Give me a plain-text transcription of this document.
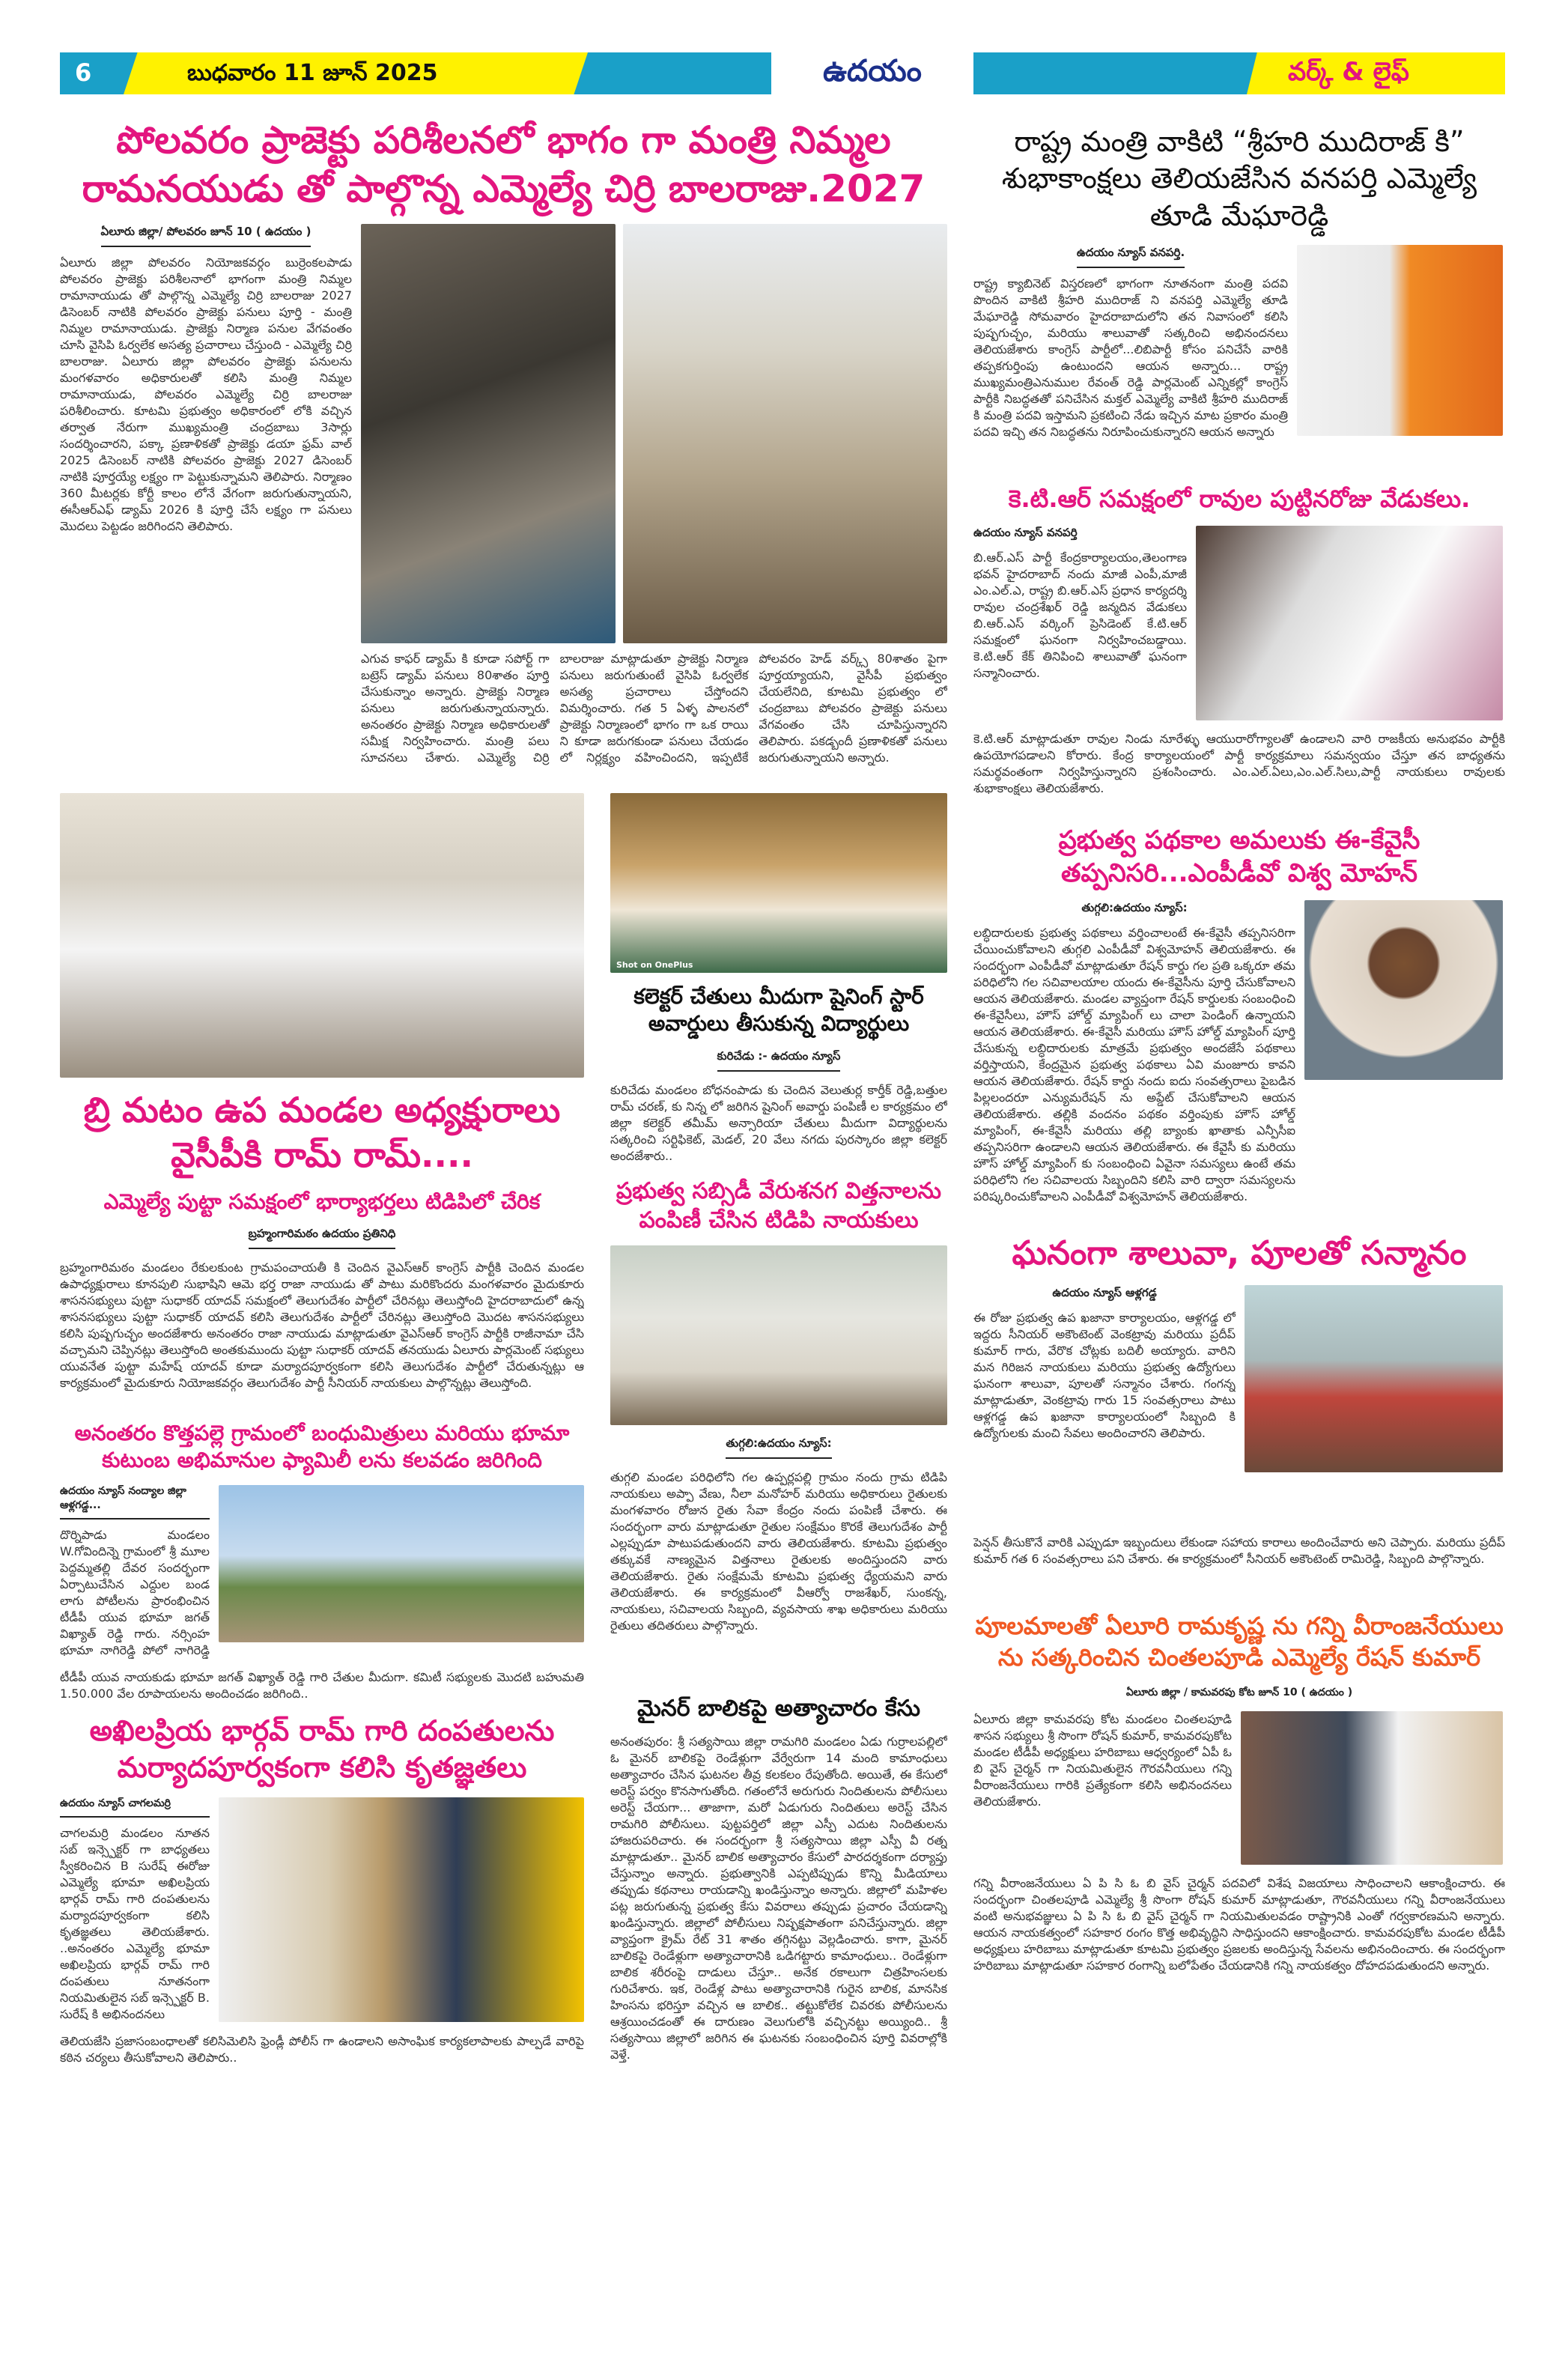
6	బుధవారం 11 జూన్ 2025	ఉదయం	వర్క్ & లైఫ్
పోలవరం ప్రాజెక్టు పరిశీలనలో భాగం గా మంత్రి నిమ్మల రామనయుడు తో పాల్గొన్న ఎమ్మెల్యే చిర్రి బాలరాజు.2027
ఏలూరు జిల్లా/ పోలవరం జూన్ 10 ( ఉదయం )
ఏలూరు జిల్లా పోలవరం నియోజకవర్గం బుర్రెంకలపాడు పోలవరం ప్రాజెక్టు పరిశీలనాలో భాగంగా మంత్రి నిమ్మల రామానాయుడు తో పాల్గొన్న ఎమ్మెల్యే చిర్రి బాలరాజు 2027 డిసెంబర్ నాటికి పోలవరం ప్రాజెక్టు పనులు పూర్తి - మంత్రి నిమ్మల రామానాయుడు. ప్రాజెక్టు నిర్మాణ పనుల వేగవంతం చూసి వైసిపి ఓర్వలేక అసత్య ప్రచారాలు చేస్తుంది - ఎమ్మెల్యే చిర్రి బాలరాజు. ఏలూరు జిల్లా పోలవరం ప్రాజెక్టు పనులను మంగళవారం అధికారులతో కలిసి మంత్రి నిమ్మల రామానాయుడు, పోలవరం ఎమ్మెల్యే చిర్రి బాలరాజు పరిశీలించారు. కూటమి ప్రభుత్వం అధికారంలో లోకి వచ్చిన తర్వాత నేరుగా ముఖ్యమంత్రి చంద్రబాబు 3సార్లు సందర్శించారని, పక్కా ప్రణాళికతో ప్రాజెక్టు డయా ఫ్రమ్ వాల్ 2025 డిసెంబర్ నాటికి పోలవరం ప్రాజెక్టు 2027 డిసెంబర్ నాటికి పూర్తయ్యే లక్ష్యం గా పెట్టుకున్నామని తెలిపారు. నిర్మాణం 360 మీటర్లకు కోర్టీ కాలం లోనే వేగంగా జరుగుతున్నాయని, ఈసీఆర్ఎఫ్ డ్యామ్ 2026 కి పూర్తి చేసే లక్ష్యం గా పనులు మొదలు పెట్టడం జరిగిందని తెలిపారు.
ఎగువ కాఫర్ డ్యామ్ కి కూడా సపోర్ట్ గా బట్రెస్ డ్యామ్ పనులు 80శాతం పూర్తి చేసుకున్నాం అన్నారు. ప్రాజెక్టు నిర్మాణ పనులు జరుగుతున్నాయన్నారు. అనంతరం ప్రాజెక్టు నిర్మాణ అధికారులతో సమీక్ష నిర్వహించారు. మంత్రి పలు సూచనలు చేశారు. ఎమ్మెల్యే చిర్రి బాలరాజు మాట్లాడుతూ ప్రాజెక్టు నిర్మాణ పనులు జరుగుతుంటే వైసిపి ఓర్వలేక అసత్య ప్రచారాలు చేస్తోందని విమర్శించారు. గత 5 ఏళ్ళ పాలనలో ప్రాజెక్టు నిర్మాణంలో భాగం గా ఒక రాయి ని కూడా జరుగకుండా పనులు చేయడం లో నిర్లక్ష్యం వహించిందని, ఇప్పటికే పోలవరం హెడ్ వర్క్స్ 80శాతం పైగా పూర్తయ్యాయని, వైసీపీ ప్రభుత్వం చేయలేనిది, కూటమి ప్రభుత్వం లో చంద్రబాబు పోలవరం ప్రాజెక్టు పనులు వేగవంతం చేసి చూపిస్తున్నారని తెలిపారు. పకడ్బందీ ప్రణాళికతో పనులు జరుగుతున్నాయని అన్నారు.
బ్రి మటం ఉప మండల అధ్యక్షురాలు వైసీపీకి రామ్ రామ్....
ఎమ్మెల్యే పుట్టా సమక్షంలో భార్యాభర్తలు టిడిపిలో చేరిక
బ్రహ్మంగారిమఠం ఉదయం ప్రతినిధి
బ్రహ్మంగారిమఠం మండలం రేకులకుంట గ్రామపంచాయతీ కి చెందిన వైఎస్ఆర్ కాంగ్రెస్ పార్టీకి చెందిన మండల ఉపాధ్యక్షురాలు కూనపులి సుభాషిని ఆమె భర్త రాజా నాయుడు తో పాటు మరికొందరు మంగళవారం మైదుకూరు శాసనసభ్యులు పుట్టా సుధాకర్ యాదవ్ సమక్షంలో తెలుగుదేశం పార్టీలో చేరినట్లు తెలుస్తోంది హైదరాబాదులో ఉన్న శాసనసభ్యులు పుట్టా సుధాకర్ యాదవ్ కలిసి తెలుగుదేశం పార్టీలో చేరినట్లు తెలుస్తోంది మొదట శాసనసభ్యులు కలిసి పుష్పగుచ్ఛం అందజేశారు అనంతరం రాజా నాయుడు మాట్లాడుతూ వైఎస్ఆర్ కాంగ్రెస్ పార్టీకి రాజీనామా చేసి వచ్చామని చెప్పినట్లు తెలుస్తోంది అంతకుముందు పుట్టా సుధాకర్ యాదవ్ తనయుడు ఏలూరు పార్లమెంట్ సభ్యులు యువనేత పుట్టా మహేష్ యాదవ్ కూడా మర్యాదపూర్వకంగా కలిసి తెలుగుదేశం పార్టీలో చేరుతున్నట్లు ఆ కార్యక్రమంలో మైదుకూరు నియోజకవర్గం తెలుగుదేశం పార్టీ సీనియర్ నాయకులు పాల్గొన్నట్లు తెలుస్తోంది.
అనంతరం కొత్తపల్లె గ్రామంలో బంధుమిత్రులు మరియు భూమా కుటుంబ అభిమానుల ఫ్యామిలీ లను కలవడం జరిగింది
ఉదయం న్యూస్ నంద్యాల జిల్లా ఆళ్లగడ్డ...
దొర్నిపాడు మండలం W.గోవిందిన్నె గ్రామంలో శ్రీ మూల పెద్దమ్మతల్లి దేవర సందర్భంగా ఏర్పాటుచేసిన ఎద్దుల బండ లాగు పోటీలను ప్రారంభించిన టీడీపీ యువ భూమా జగత్ విఖ్యాత్ రెడ్డి గారు. నర్సింహ భూమా నాగిరెడ్డి పోలో నాగిరెడ్డి
టీడీపీ యువ నాయకుడు భూమా జగత్ విఖ్యాత్ రెడ్డి గారి చేతుల మీదుగా. కమిటీ సభ్యులకు మొదటి బహుమతి 1.50.000 వేల రూపాయలను అందించడం జరిగింది..
అఖిలప్రియ భార్గవ్ రామ్ గారి దంపతులను మర్యాదపూర్వకంగా కలిసి కృతజ్ఞతలు
ఉదయం న్యూస్ చాగలమర్రి
చాగలమర్రి మండలం నూతన సబ్ ఇన్స్పెక్టర్ గా బాధ్యతలు స్వీకరించిన B సురేష్ ఈరోజు ఎమ్మెల్యే భూమా అఖిలప్రియ భార్గవ్ రామ్ గారి దంపతులను మర్యాదపూర్వకంగా కలిసి కృతజ్ఞతలు తెలియజేశారు. ..అనంతరం ఎమ్మెల్యే భూమా అఖిలప్రియ భార్గవ్ రామ్ గారి దంపతులు నూతనంగా నియమితులైన సబ్ ఇన్స్పెక్టర్ B. సురేష్ కి అభినందనలు
తెలియజేసి ప్రజాసంబంధాలతో కలిసిమెలిసి ఫ్రెండ్లీ పోలీస్ గా ఉండాలని అసాంఘిక కార్యకలాపాలకు పాల్పడే వారిపై కఠిన చర్యలు తీసుకోవాలని తెలిపారు..
Shot on OnePlus
కలెక్టర్ చేతులు మీదుగా షైనింగ్ స్టార్ అవార్డులు తీసుకున్న విద్యార్థులు
కురిచేడు :- ఉదయం న్యూస్
కురిచేడు మండలం బోధనంపాడు కు చెందిన వెలుతుర్ల కార్తీక్ రెడ్డి,బత్తుల రామ్ చరణ్, కు నిన్న లో జరిగిన షైనింగ్ అవార్డు పంపిణీ ల కార్యక్రమం లో జిల్లా కలెక్టర్ తమీమ్ అన్సారియా చేతులు మీదుగా విద్యార్థులను సత్కరించి సర్టిఫికెట్, మెడల్, 20 వేలు నగదు పురస్కారం జిల్లా కలెక్టర్ అందజేశారు..
ప్రభుత్వ సబ్సిడీ వేరుశనగ విత్తనాలను పంపిణీ చేసిన టిడిపి నాయకులు
తుగ్గలి:ఉదయం న్యూస్:
తుగ్గలి మండల పరిధిలోని గల ఉప్పర్లపల్లి గ్రామం నందు గ్రామ టిడిపి నాయకులు అప్పా వేణు, నీలా మనోహర్ మరియు అధికారులు రైతులకు మంగళవారం రోజున రైతు సేవా కేంద్రం నందు పంపిణీ చేశారు. ఈ సందర్భంగా వారు మాట్లాడుతూ రైతుల సంక్షేమం కొరకే తెలుగుదేశం పార్టీ ఎల్లప్పుడూ పాటుపడుతుందని వారు తెలియజేశారు. కూటమి ప్రభుత్వం తక్కువకే నాణ్యమైన విత్తనాలు రైతులకు అందిస్తుందని వారు తెలియజేశారు. రైతు సంక్షేమమే కూటమి ప్రభుత్వ ధ్యేయమని వారు తెలియజేశారు. ఈ కార్యక్రమంలో వీఆర్వో రాజశేఖర్, సుంకన్న, నాయకులు, సచివాలయ సిబ్బంది, వ్యవసాయ శాఖ అధికారులు మరియు రైతులు తదితరులు పాల్గొన్నారు.
మైనర్ బాలికపై అత్యాచారం కేసు
అనంతపురం: శ్రీ సత్యసాయి జిల్లా రామగిరి మండలం ఏడు గుర్రాలపల్లిలో ఓ మైనర్ బాలికపై రెండేళ్లుగా వేర్వేరుగా 14 మంది కామాంధులు అత్యాచారం చేసిన ఘటనల తీవ్ర కలకలం రేపుతోంది. అయితే, ఈ కేసులో అరెస్ట్ పర్వం కొనసాగుతోంది. గతంలోనే అరుగురు నిందితులను పోలీసులు అరెస్ట్ చేయగా... తాజాగా, మరో ఏడుగురు నిందితులు అరెస్ట్ చేసిన రామగిరి పోలీసులు. పుట్టపర్తిలో జిల్లా ఎస్పీ ఎదుట నిందితులను హాజరుపరిచారు. ఈ సందర్భంగా శ్రీ సత్యసాయి జిల్లా ఎస్పీ వీ రత్న మాట్లాడుతూ.. మైనర్ బాలిక అత్యాచారం కేసులో పారదర్శకంగా దర్యాప్తు చేస్తున్నాం అన్నారు. ప్రభుత్వానికి ఎప్పటిప్పుడు కొన్ని మీడియాలు తప్పుడు కథనాలు రాయడాన్ని ఖండిస్తున్నాం అన్నారు. జిల్లాలో మహిళల పట్ల జరుగుతున్న ప్రభుత్వ కేసు వివరాలు తప్పుడు ప్రచారం చేయడాన్ని ఖండిస్తున్నారు. జిల్లాలో పోలీసులు నిష్పక్షపాతంగా పనిచేస్తున్నారు. జిల్లా వ్యాప్తంగా క్రైమ్ రేట్ 31 శాతం తగ్గినట్టు వెల్లడించారు. కాగా, మైనర్ బాలికపై రెండేళ్లుగా అత్యాచారానికి ఒడిగట్టారు కామాంధులు.. రెండేళ్లుగా బాలిక శరీరంపై దాడులు చేస్తూ.. అనేక రకాలుగా చిత్రహింసలకు గురిచేశారు. ఇక, రెండేళ్ల పాటు అత్యాచారానికి గురైన బాలిక, మానసిక హింసను భరిస్తూ వచ్చిన ఆ బాలిక.. తట్టుకోలేక చివరకు పోలీసులను ఆశ్రయించడంతో ఈ దారుణం వెలుగులోకి వచ్చినట్టు అయ్యింది.. శ్రీ సత్యసాయి జిల్లాలో జరిగిన ఈ ఘటనకు సంబంధించిన పూర్తి వివరాల్లోకి వెళ్తే.
రాష్ట్ర మంత్రి వాకిటి “శ్రీహరి ముదిరాజ్ కి” శుభాకాంక్షలు తెలియజేసిన వనపర్తి ఎమ్మెల్యే తూడి మేఘారెడ్డి
ఉదయం న్యూస్ వనపర్తి.
రాష్ట్ర క్యాబినెట్ విస్తరణలో భాగంగా నూతనంగా మంత్రి పదవి పొందిన వాకిటి శ్రీహరి ముదిరాజ్ ని వనపర్తి ఎమ్మెల్యే తూడి మేఘారెడ్డి సోమవారం హైదరాబాదులోని తన నివాసంలో కలిసి పుష్పగుచ్ఛం, మరియు శాలువాతో సత్కరించి అభినందనలు తెలియజేశారు కాంగ్రెస్ పార్టీలో...లిబిపార్టీ కోసం పనిచేసే వారికి తప్పకగుర్తింపు ఉంటుందని ఆయన అన్నారు... రాష్ట్ర ముఖ్యమంత్రిఎనుముల రేవంత్ రెడ్డి పార్లమెంట్ ఎన్నికల్లో కాంగ్రెస్ పార్టీకి నిబద్ధతతో పనిచేసిన మక్తల్ ఎమ్మెల్యే వాకిటి శ్రీహరి ముదిరాజ్ కి మంత్రి పదవి ఇస్తామని ప్రకటించి నేడు ఇచ్చిన మాట ప్రకారం మంత్రి పదవి ఇచ్చి తన నిబద్ధతను నిరూపించుకున్నారని ఆయన అన్నారు
కె.టి.ఆర్ సమక్షంలో రావుల పుట్టినరోజు వేడుకలు.
ఉదయం న్యూస్ వనపర్తి
బి.ఆర్.ఎస్ పార్టీ కేంద్రకార్యాలయం,తెలంగాణ భవన్ హైదరాబాద్ నందు మాజీ ఎంపీ,మాజీ ఎం.ఎల్.ఎ, రాష్ట్ర బి.ఆర్.ఎస్ ప్రధాన కార్యదర్శి రావుల చంద్రశేఖర్ రెడ్డి జన్మదిన వేడుకలు బి.ఆర్.ఎస్ వర్కింగ్ ప్రెసిడెంట్ కే.టి.ఆర్ సమక్షంలో ఘనంగా నిర్వహించబడ్డాయి. కె.టి.ఆర్ కేక్ తినిపించి శాలువాతో ఘనంగా సన్మానించారు.
కె.టి.ఆర్ మాట్లాడుతూ రావుల నిండు నూరేళ్ళు ఆయురారోగ్యాలతో ఉండాలని వారి రాజకీయ అనుభవం పార్టీకి ఉపయోగపడాలని కోరారు. కేంద్ర కార్యాలయంలో పార్టీ కార్యక్రమాలు సమన్వయం చేస్తూ తన బాధ్యతను సమర్థవంతంగా నిర్వహిస్తున్నారని ప్రశంసించారు. ఎం.ఎల్.ఏలు,ఎం.ఎల్.సిలు,పార్టీ నాయకులు రావులకు శుభాకాంక్షలు తెలియజేశారు.
ప్రభుత్వ పథకాల అమలుకు ఈ-కేవైసీ తప్పనిసరి...ఎంపీడీవో విశ్వ మోహన్
తుగ్గలి:ఉదయం న్యూస్:
లబ్ధిదారులకు ప్రభుత్వ పథకాలు వర్తించాలంటే ఈ-కేవైసీ తప్పనిసరిగా చేయించుకోవాలని తుగ్గలి ఎంపీడీవో విశ్వమోహన్ తెలియజేశారు. ఈ సందర్భంగా ఎంపీడీవో మాట్లాడుతూ రేషన్ కార్డు గల ప్రతి ఒక్కరూ తమ పరిధిలోని గల సచివాలయాల యందు ఈ-కేవైసీను పూర్తి చేసుకోవాలని ఆయన తెలియజేశారు. మండల వ్యాప్తంగా రేషన్ కార్డులకు సంబంధించి ఈ-కేవైసీలు, హౌస్ హోల్డ్ మ్యాపింగ్ లు చాలా పెండింగ్ ఉన్నాయని ఆయన తెలియజేశారు. ఈ-కేవైసీ మరియు హౌస్ హోల్డ్ మ్యాపింగ్ పూర్తి చేసుకున్న లబ్ధిదారులకు మాత్రమే ప్రభుత్వం అందజేసే పథకాలు వర్తిస్తాయని, కేంద్రమైన ప్రభుత్వ పథకాలు ఏవి మంజూరు కావని ఆయన తెలియజేశారు. రేషన్ కార్డు నందు ఐదు సంవత్సరాలు పైబడిన పిల్లలందరూ ఎన్యుమరేషన్ ను అప్డేట్ చేసుకోవాలని ఆయన తెలియజేశారు. తల్లికి వందనం పథకం వర్తింపుకు హౌస్ హోల్డ్ మ్యాపింగ్, ఈ-కేవైసీ మరియు తల్లి బ్యాంకు ఖాతాకు ఎన్పీసీఐ తప్పనిసరిగా ఉండాలని ఆయన తెలియజేశారు. ఈ కేవైసీ కు మరియు హౌస్ హోల్డ్ మ్యాపింగ్ కు సంబంధించి ఏవైనా సమస్యలు ఉంటే తమ పరిధిలోని గల సచివాలయ సిబ్బందిని కలిసి వారి ద్వారా సమస్యలను పరిష్కరించుకోవాలని ఎంపీడీవో విశ్వమోహన్ తెలియజేశారు.
ఘనంగా శాలువా, పూలతో సన్మానం
ఉదయం న్యూస్ ఆళ్లగడ్డ
ఈ రోజు ప్రభుత్వ ఉప ఖజానా కార్యాలయం, ఆళ్లగడ్డ లో ఇద్దరు సీనియర్ అకౌంటెంట్ వెంకట్రావు మరియు ప్రదీప్ కుమార్ గారు, వేరొక చోట్లకు బదిలీ అయ్యారు. వారిని మన గిరిజన నాయకులు మరియు ప్రభుత్వ ఉద్యోగులు ఘనంగా శాలువా, పూలతో సన్మానం చేశారు. గంగన్న మాట్లాడుతూ, వెంకట్రావు గారు 15 సంవత్సరాలు పాటు ఆళ్లగడ్డ ఉప ఖజానా కార్యాలయంలో సిబ్బంది కి ఉద్యోగులకు మంచి సేవలు అందించారని తెలిపారు.
పెన్షన్ తీసుకొనే వారికి ఎప్పుడూ ఇబ్బందులు లేకుండా సహాయ కారాలు అందించేవారు అని చెప్పారు. మరియు ప్రదీప్ కుమార్ గత 6 సంవత్సరాలు పని చేశారు. ఈ కార్యక్రమంలో సీనియర్ అకౌంటెంట్ రామిరెడ్డి, సిబ్బంది పాల్గొన్నారు.
పూలమాలతో ఏలూరి రామకృష్ణ ను గన్ని వీరాంజనేయులు ను సత్కరించిన చింతలపూడి ఎమ్మెల్యే రేషన్ కుమార్
ఏలూరు జిల్లా / కామవరపు కోట జూన్ 10 ( ఉదయం )
ఏలూరు జిల్లా కామవరపు కోట మండలం చింతలపూడి శాసన సభ్యులు శ్రీ సొంగా రోషన్ కుమార్, కామవరపుకోట మండల టీడీపీ అధ్యక్షులు హరిబాబు ఆధ్వర్యంలో ఏపీ ఓ బి వైస్ చైర్మన్ గా నియమితులైన గౌరవనీయులు గన్ని వీరాంజనేయులు గారికి ప్రత్యేకంగా కలిసి అభినందనలు తెలియజేశారు.
గన్ని వీరాంజనేయులు ఏ పి సి ఓ బి వైస్ చైర్మన్ పదవిలో విశేష విజయాలు సాధించాలని ఆకాంక్షించారు. ఈ సందర్భంగా చింతలపూడి ఎమ్మెల్యే శ్రీ సొంగా రోషన్ కుమార్ మాట్లాడుతూ, గౌరవనీయులు గన్ని వీరాంజనేయులు వంటి అనుభవజ్ఞులు ఏ పి సి ఓ బి వైస్ చైర్మన్ గా నియమితులవడం రాష్ట్రానికి ఎంతో గర్వకారణమని అన్నారు. ఆయన నాయకత్వంలో సహకార రంగం కొత్త అభివృద్ధిని సాధిస్తుందని ఆకాంక్షించారు. కామవరపుకోట మండల టీడీపీ అధ్యక్షులు హరిబాబు మాట్లాడుతూ కూటమి ప్రభుత్వం ప్రజలకు అందిస్తున్న సేవలను అభినందించారు. ఈ సందర్భంగా హరిబాబు మాట్లాడుతూ సహకార రంగాన్ని బలోపేతం చేయడానికి గన్ని నాయకత్వం దోహదపడుతుందని అన్నారు.
